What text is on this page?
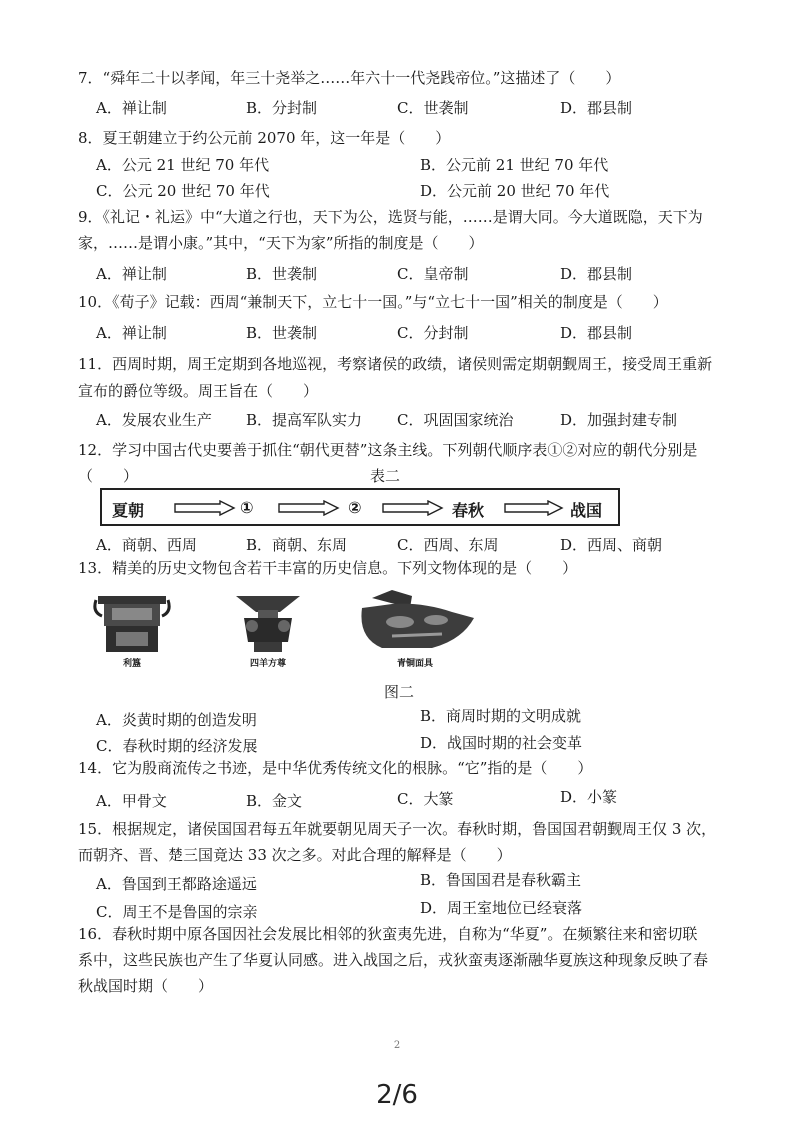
7．“舜年二十以孝闻，年三十尧举之……年六十一代尧践帝位。”这描述了（　　）
A．禅让制	B．分封制	C．世袭制	D．郡县制
8．夏王朝建立于约公元前 2070 年，这一年是（　　）
A．公元 21 世纪 70 年代	B．公元前 21 世纪 70 年代
C．公元 20 世纪 70 年代	D．公元前 20 世纪 70 年代
9．《礼记・礼运》中“大道之行也，天下为公，选贤与能，……是谓大同。今大道既隐，天下为
家，……是谓小康。”其中，“天下为家”所指的制度是（　　）
A．禅让制	B．世袭制	C．皇帝制	D．郡县制
10．《荀子》记载：西周“兼制天下，立七十一国。”与“立七十一国”相关的制度是（　　）
A．禅让制	B．世袭制	C．分封制	D．郡县制
11．西周时期，周王定期到各地巡视，考察诸侯的政绩，诸侯则需定期朝觐周王，接受周王重新
宣布的爵位等级。周王旨在（　　）
A．发展农业生产 B．提高军队实力 C．巩固国家统治	D．加强封建专制
12．学习中国古代史要善于抓住“朝代更替”这条主线。下列朝代顺序表①②对应的朝代分别是
（　　）	表二
夏朝	①	②	春秋	战国
A．商朝、西周	B．商朝、东周	C．西周、东周	D．西周、商朝
13．精美的历史文物包含若干丰富的历史信息。下列文物体现的是（　　）
利簋	四羊方尊	青铜面具
图二
A．炎黄时期的创造发明	B．商周时期的文明成就
C．春秋时期的经济发展	D．战国时期的社会变革
14．它为殷商流传之书迹，是中华优秀传统文化的根脉。“它”指的是（　　）
A．甲骨文	B．金文	C．大篆	D．小篆
15．根据规定，诸侯国国君每五年就要朝见周天子一次。春秋时期，鲁国国君朝觐周王仅 3 次，
而朝齐、晋、楚三国竟达 33 次之多。对此合理的解释是（　　）
A．鲁国到王都路途遥远	B．鲁国国君是春秋霸主
C．周王不是鲁国的宗亲	D．周王室地位已经衰落
16．春秋时期中原各国因社会发展比相邻的狄蛮夷先进，自称为“华夏”。在频繁往来和密切联
系中，这些民族也产生了华夏认同感。进入战国之后，戎狄蛮夷逐渐融华夏族这种现象反映了春
秋战国时期（　　）
2
2/6
